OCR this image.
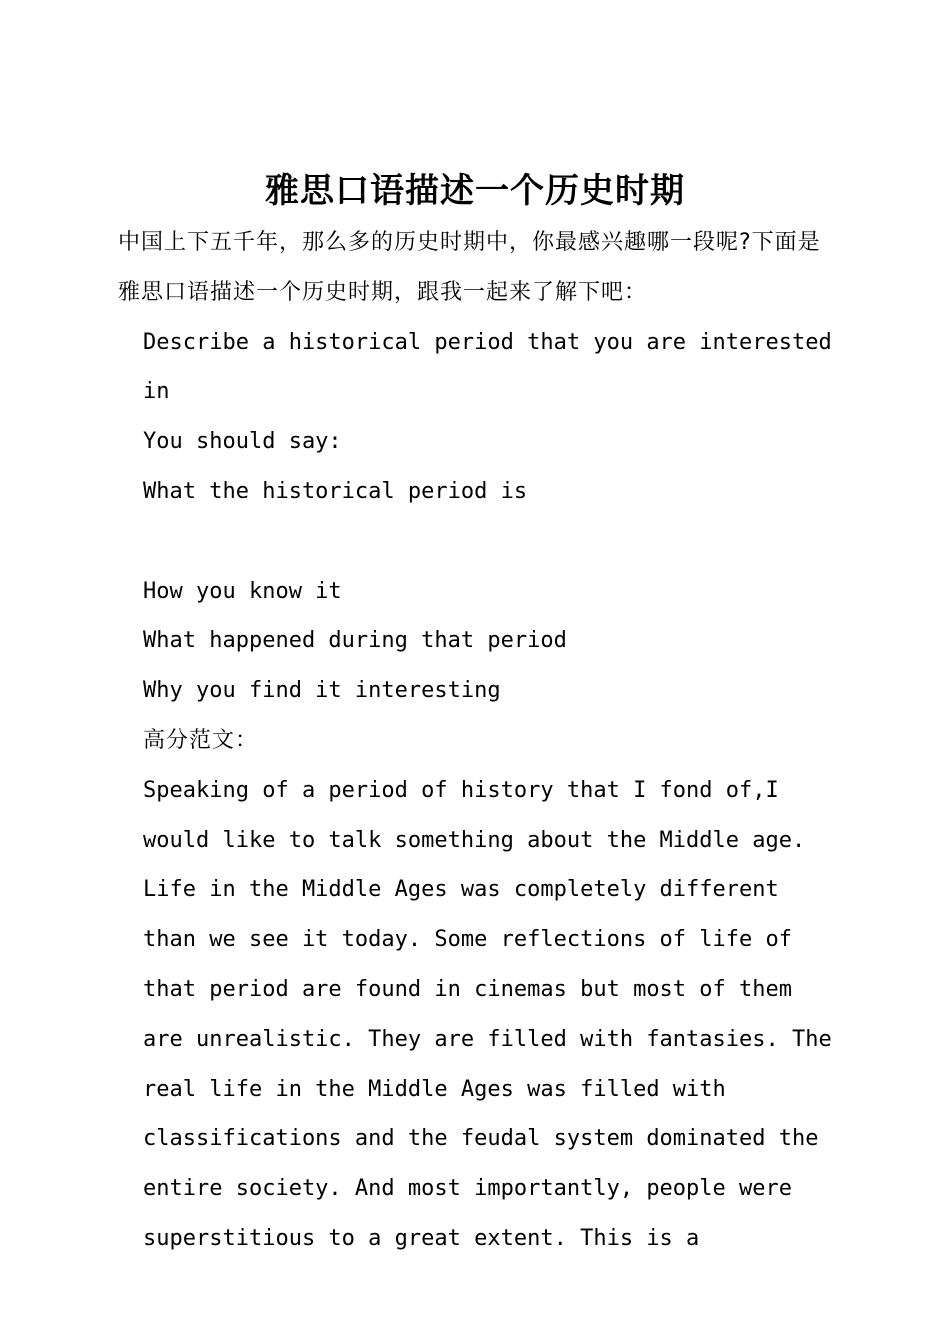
雅思口语描述一个历史时期

中国上下五千年，那么多的历史时期中，你最感兴趣哪一段呢?下面是雅思口语描述一个历史时期，跟我一起来了解下吧：

Describe a historical period that you are interested in

You should say:

What the historical period is

How you know it

What happened during that period

Why you find it interesting

高分范文：

Speaking of a period of history that I fond of,I would like to talk something about the Middle age. Life in the Middle Ages was completely different than we see it today. Some reflections of life of that period are found in cinemas but most of them are unrealistic. They are filled with fantasies. The real life in the Middle Ages was filled with classifications and the feudal system dominated the entire society. And most importantly, people were superstitious to a great extent. This is a
